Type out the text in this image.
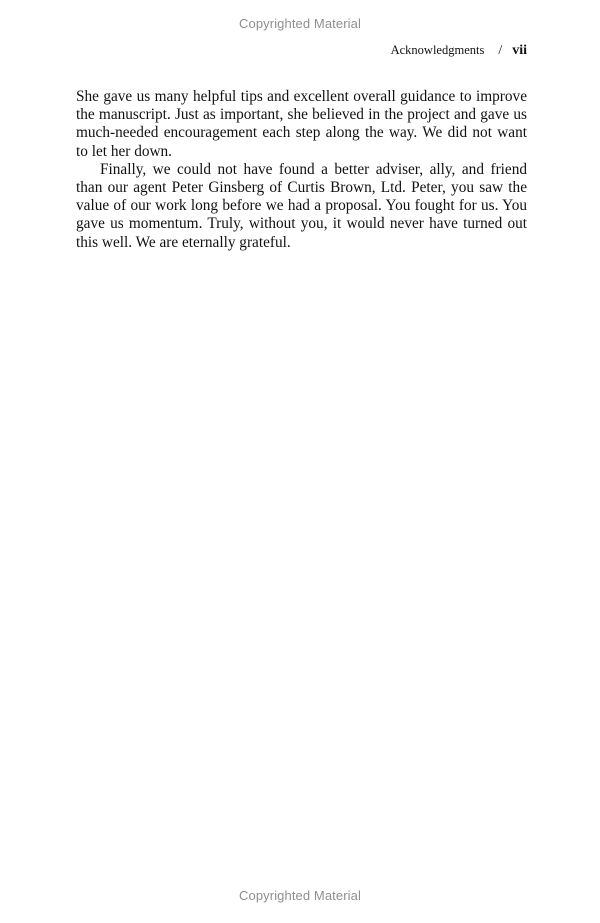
Copyrighted Material
Acknowledgments / vii

She gave us many helpful tips and excellent overall guidance to improve the manuscript. Just as important, she believed in the project and gave us much-needed encouragement each step along the way. We did not want to let her down.

Finally, we could not have found a better adviser, ally, and friend than our agent Peter Ginsberg of Curtis Brown, Ltd. Peter, you saw the value of our work long before we had a proposal. You fought for us. You gave us momentum. Truly, without you, it would never have turned out this well. We are eternally grateful.

Copyrighted Material
